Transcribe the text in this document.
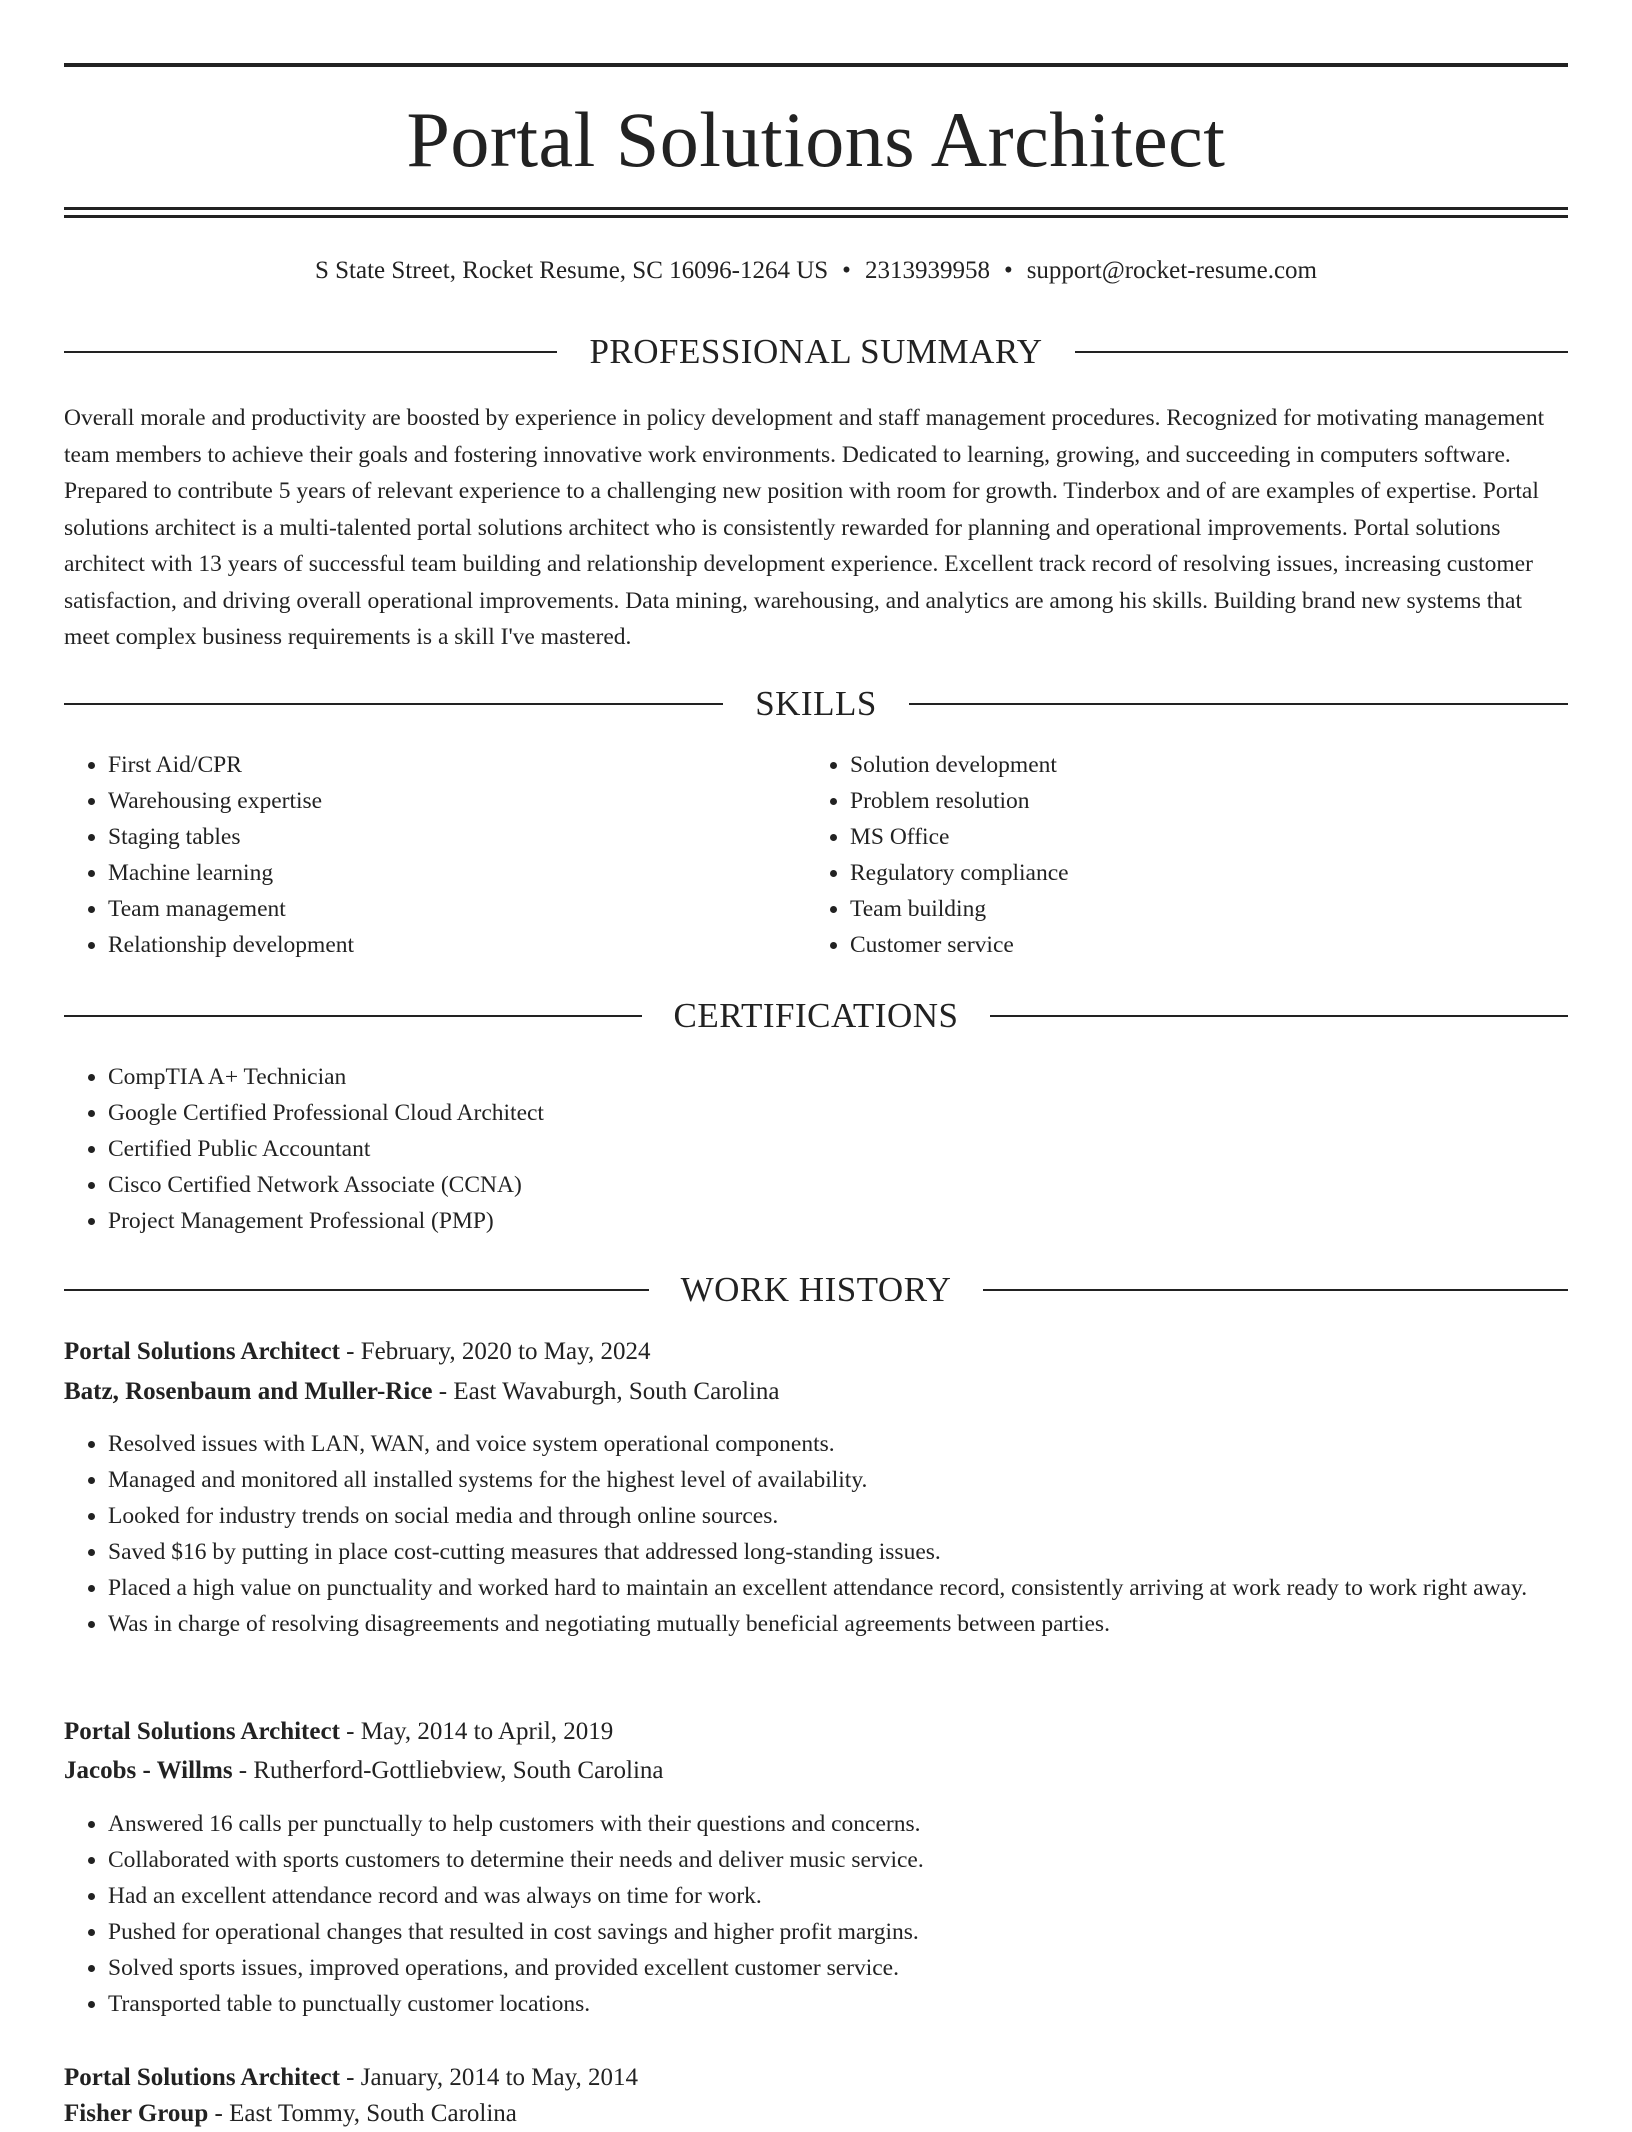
Portal Solutions Architect
S State Street, Rocket Resume, SC 16096-1264 US • 2313939958 • support@rocket-resume.com
PROFESSIONAL SUMMARY

Overall morale and productivity are boosted by experience in policy development and staff management procedures. Recognized for motivating management team members to achieve their goals and fostering innovative work environments. Dedicated to learning, growing, and succeeding in computers software. Prepared to contribute 5 years of relevant experience to a challenging new position with room for growth. Tinderbox and of are examples of expertise. Portal solutions architect is a multi-talented portal solutions architect who is consistently rewarded for planning and operational improvements. Portal solutions architect with 13 years of successful team building and relationship development experience. Excellent track record of resolving issues, increasing customer satisfaction, and driving overall operational improvements. Data mining, warehousing, and analytics are among his skills. Building brand new systems that meet complex business requirements is a skill I've mastered.

SKILLS
• First Aid/CPR
• Warehousing expertise
• Staging tables
• Machine learning
• Team management
• Relationship development
• Solution development
• Problem resolution
• MS Office
• Regulatory compliance
• Team building
• Customer service
CERTIFICATIONS
• CompTIA A+ Technician
• Google Certified Professional Cloud Architect
• Certified Public Accountant
• Cisco Certified Network Associate (CCNA)
• Project Management Professional (PMP)
WORK HISTORY
Portal Solutions Architect - February, 2020 to May, 2024
Batz, Rosenbaum and Muller-Rice - East Wavaburgh, South Carolina
• Resolved issues with LAN, WAN, and voice system operational components.
• Managed and monitored all installed systems for the highest level of availability.
• Looked for industry trends on social media and through online sources.
• Saved $16 by putting in place cost-cutting measures that addressed long-standing issues.
• Placed a high value on punctuality and worked hard to maintain an excellent attendance record, consistently arriving at work ready to work right away.
• Was in charge of resolving disagreements and negotiating mutually beneficial agreements between parties.
Portal Solutions Architect - May, 2014 to April, 2019
Jacobs - Willms - Rutherford-Gottliebview, South Carolina
• Answered 16 calls per punctually to help customers with their questions and concerns.
• Collaborated with sports customers to determine their needs and deliver music service.
• Had an excellent attendance record and was always on time for work.
• Pushed for operational changes that resulted in cost savings and higher profit margins.
• Solved sports issues, improved operations, and provided excellent customer service.
• Transported table to punctually customer locations.
Portal Solutions Architect - January, 2014 to May, 2014
Fisher Group - East Tommy, South Carolina
